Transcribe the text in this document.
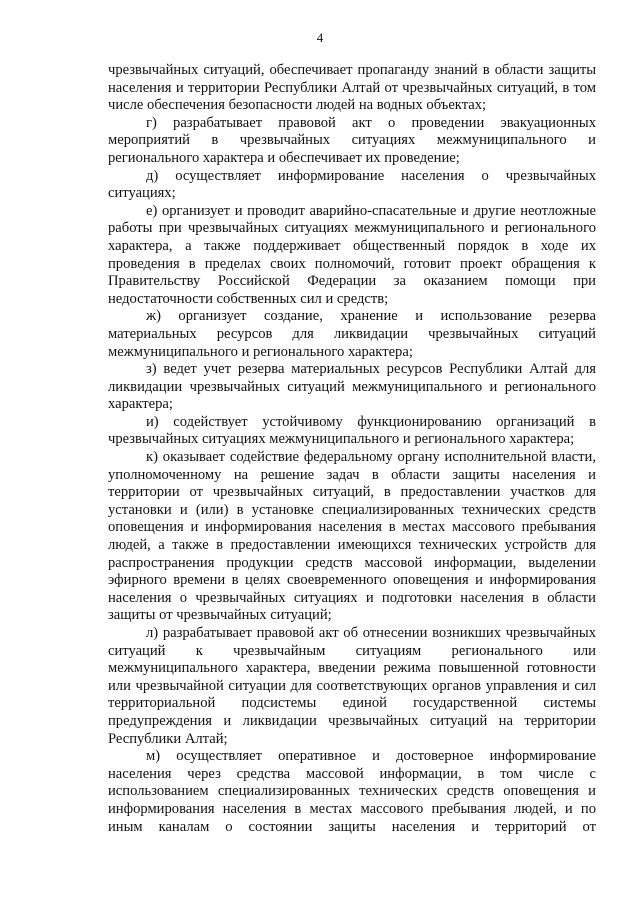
4

чрезвычайных ситуаций, обеспечивает пропаганду знаний в области защиты населения и территории Республики Алтай от чрезвычайных ситуаций, в том числе обеспечения безопасности людей на водных объектах;

г) разрабатывает правовой акт о проведении эвакуационных мероприятий в чрезвычайных ситуациях межмуниципального и регионального характера и обеспечивает их проведение;

д) осуществляет информирование населения о чрезвычайных ситуациях;

е) организует и проводит аварийно-спасательные и другие неотложные работы при чрезвычайных ситуациях межмуниципального и регионального характера, а также поддерживает общественный порядок в ходе их проведения в пределах своих полномочий, готовит проект обращения к Правительству Российской Федерации за оказанием помощи при недостаточности собственных сил и средств;

ж) организует создание, хранение и использование резерва материальных ресурсов для ликвидации чрезвычайных ситуаций межмуниципального и регионального характера;

з) ведет учет резерва материальных ресурсов Республики Алтай для ликвидации чрезвычайных ситуаций межмуниципального и регионального характера;

и) содействует устойчивому функционированию организаций в чрезвычайных ситуациях межмуниципального и регионального характера;

к) оказывает содействие федеральному органу исполнительной власти, уполномоченному на решение задач в области защиты населения и территории от чрезвычайных ситуаций, в предоставлении участков для установки и (или) в установке специализированных технических средств оповещения и информирования населения в местах массового пребывания людей, а также в предоставлении имеющихся технических устройств для распространения продукции средств массовой информации, выделении эфирного времени в целях своевременного оповещения и информирования населения о чрезвычайных ситуациях и подготовки населения в области защиты от чрезвычайных ситуаций;

л) разрабатывает правовой акт об отнесении возникших чрезвычайных ситуаций к чрезвычайным ситуациям регионального или межмуниципального характера, введении режима повышенной готовности или чрезвычайной ситуации для соответствующих органов управления и сил территориальной подсистемы единой государственной системы предупреждения и ликвидации чрезвычайных ситуаций на территории Республики Алтай;

м) осуществляет оперативное и достоверное информирование населения через средства массовой информации, в том числе с использованием специализированных технических средств оповещения и информирования населения в местах массового пребывания людей, и по иным каналам о состоянии защиты населения и территорий от
